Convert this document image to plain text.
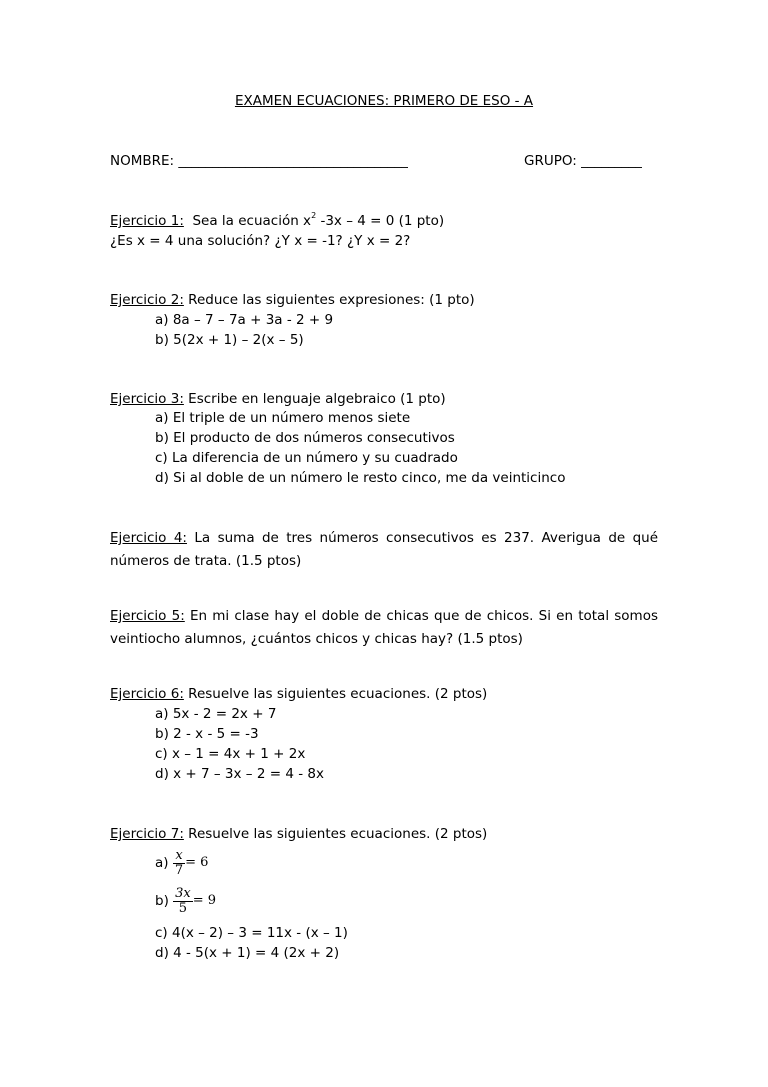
EXAMEN ECUACIONES: PRIMERO DE ESO - A
NOMBRE: __________________________________	GRUPO: _________
Ejercicio 1: Sea la ecuación $x^2$ -3x – 4 = 0 (1 pto)
¿Es x = 4 una solución? ¿Y x = -1? ¿Y x = 2?
Ejercicio 2: Reduce las siguientes expresiones: (1 pto)
a) 8a – 7 – 7a + 3a - 2 + 9
b) 5(2x + 1) – 2(x – 5)
Ejercicio 3: Escribe en lenguaje algebraico (1 pto)
a) El triple de un número menos siete
b) El producto de dos números consecutivos
c) La diferencia de un número y su cuadrado
d) Si al doble de un número le resto cinco, me da veinticinco
Ejercicio 4: La suma de tres números consecutivos es 237. Averigua de qué
números de trata. (1.5 ptos)
Ejercicio 5: En mi clase hay el doble de chicas que de chicos. Si en total somos
veintiocho alumnos, ¿cuántos chicos y chicas hay? (1.5 ptos)
Ejercicio 6: Resuelve las siguientes ecuaciones. (2 ptos)
a) 5x - 2 = 2x + 7
b) 2 - x - 5 = -3
c) x – 1 = 4x + 1 + 2x
d) x + 7 – 3x – 2 = 4 - 8x
Ejercicio 7: Resuelve las siguientes ecuaciones. (2 ptos)
$a) \frac{x}{7} = 6$
$b) \frac{3x}{5} = 9$
c) 4(x – 2) – 3 = 11x - (x – 1)
d) 4 - 5(x + 1) = 4 (2x + 2)
